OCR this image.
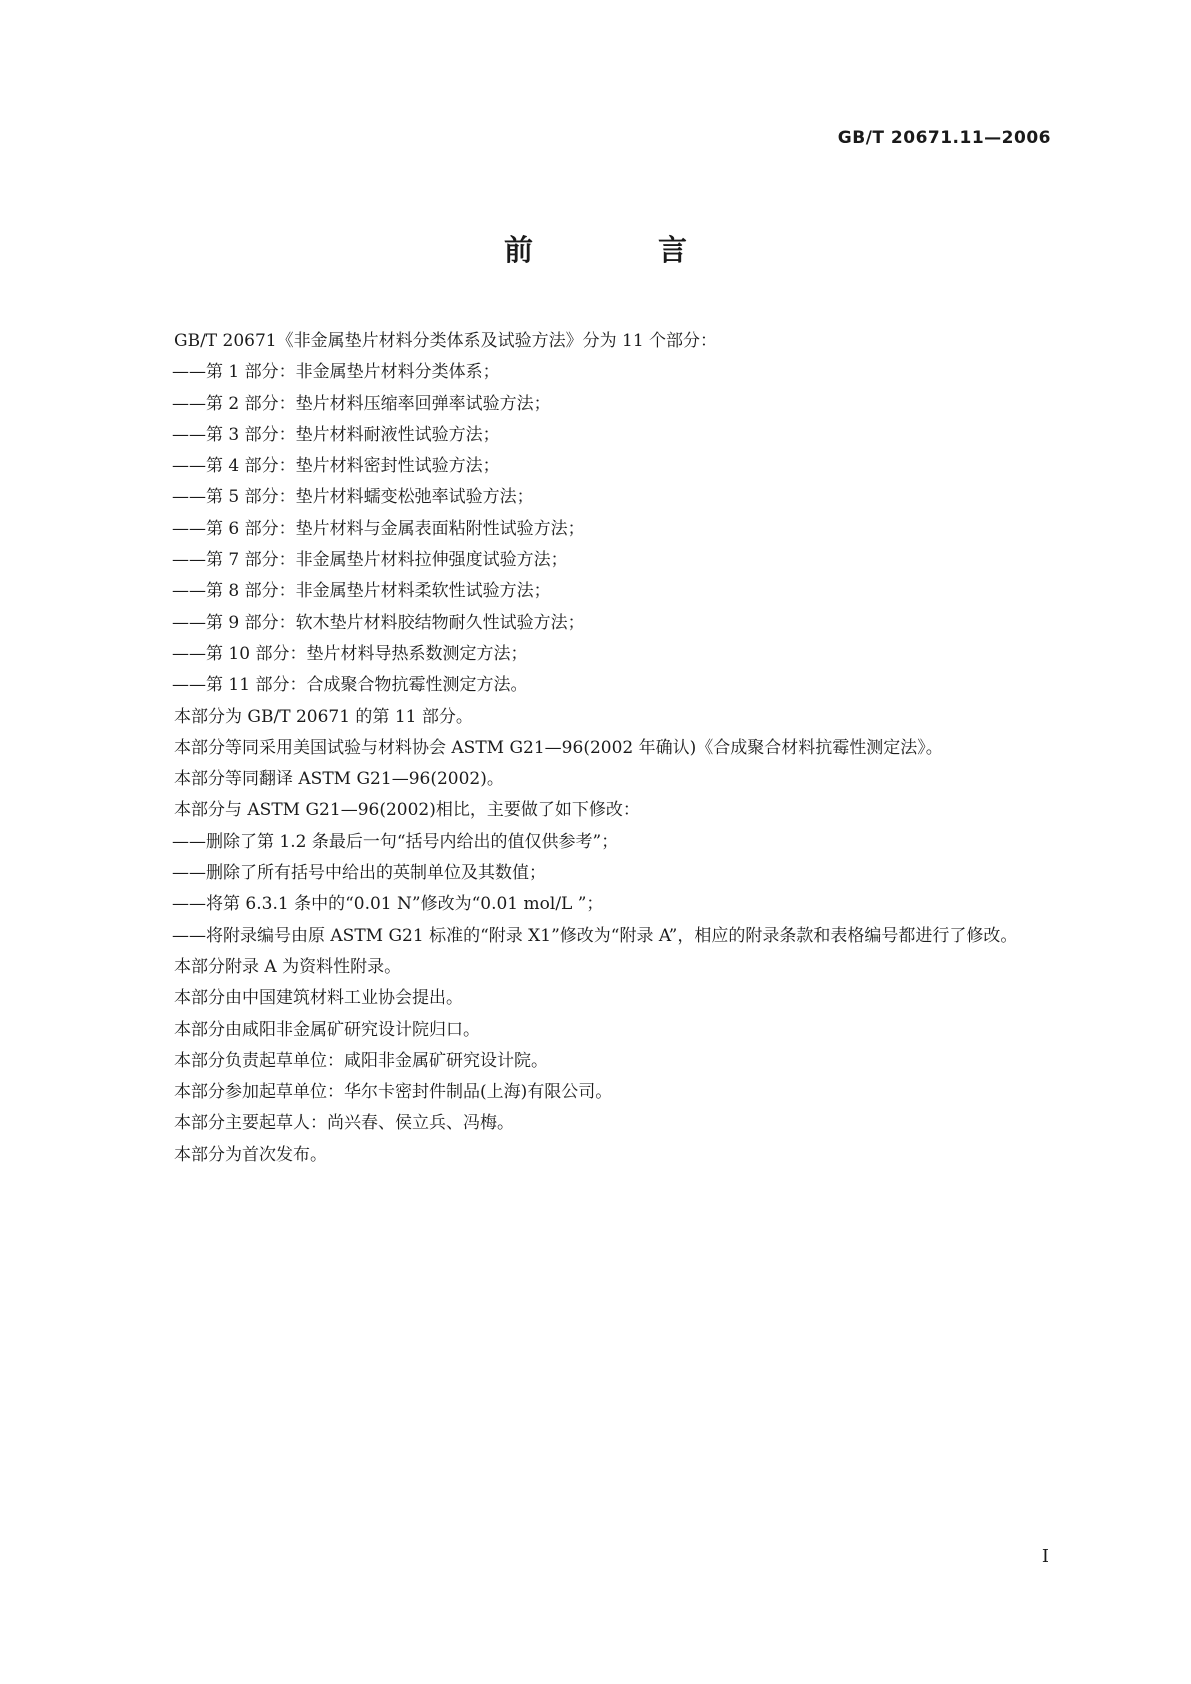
GB/T 20671.11—2006

前　言

GB/T 20671《非金属垫片材料分类体系及试验方法》分为 11 个部分：

——第 1 部分：非金属垫片材料分类体系；

——第 2 部分：垫片材料压缩率回弹率试验方法；

——第 3 部分：垫片材料耐液性试验方法；

——第 4 部分：垫片材料密封性试验方法；

——第 5 部分：垫片材料蠕变松弛率试验方法；

——第 6 部分：垫片材料与金属表面粘附性试验方法；

——第 7 部分：非金属垫片材料拉伸强度试验方法；

——第 8 部分：非金属垫片材料柔软性试验方法；

——第 9 部分：软木垫片材料胶结物耐久性试验方法；

——第 10 部分：垫片材料导热系数测定方法；

——第 11 部分：合成聚合物抗霉性测定方法。

本部分为 GB/T 20671 的第 11 部分。

本部分等同采用美国试验与材料协会 ASTM G21—96(2002 年确认)《合成聚合材料抗霉性测定法》。

本部分等同翻译 ASTM G21—96(2002)。

本部分与 ASTM G21—96(2002)相比，主要做了如下修改：

——删除了第 1.2 条最后一句“括号内给出的值仅供参考”；

——删除了所有括号中给出的英制单位及其数值；

——将第 6.3.1 条中的“0.01 N”修改为“0.01 mol/L ”；

——将附录编号由原 ASTM G21 标准的“附录 X1”修改为“附录 A”，相应的附录条款和表格编号都进行了修改。

本部分附录 A 为资料性附录。

本部分由中国建筑材料工业协会提出。

本部分由咸阳非金属矿研究设计院归口。

本部分负责起草单位：咸阳非金属矿研究设计院。

本部分参加起草单位：华尔卡密封件制品(上海)有限公司。

本部分主要起草人：尚兴春、侯立兵、冯梅。

本部分为首次发布。

I
